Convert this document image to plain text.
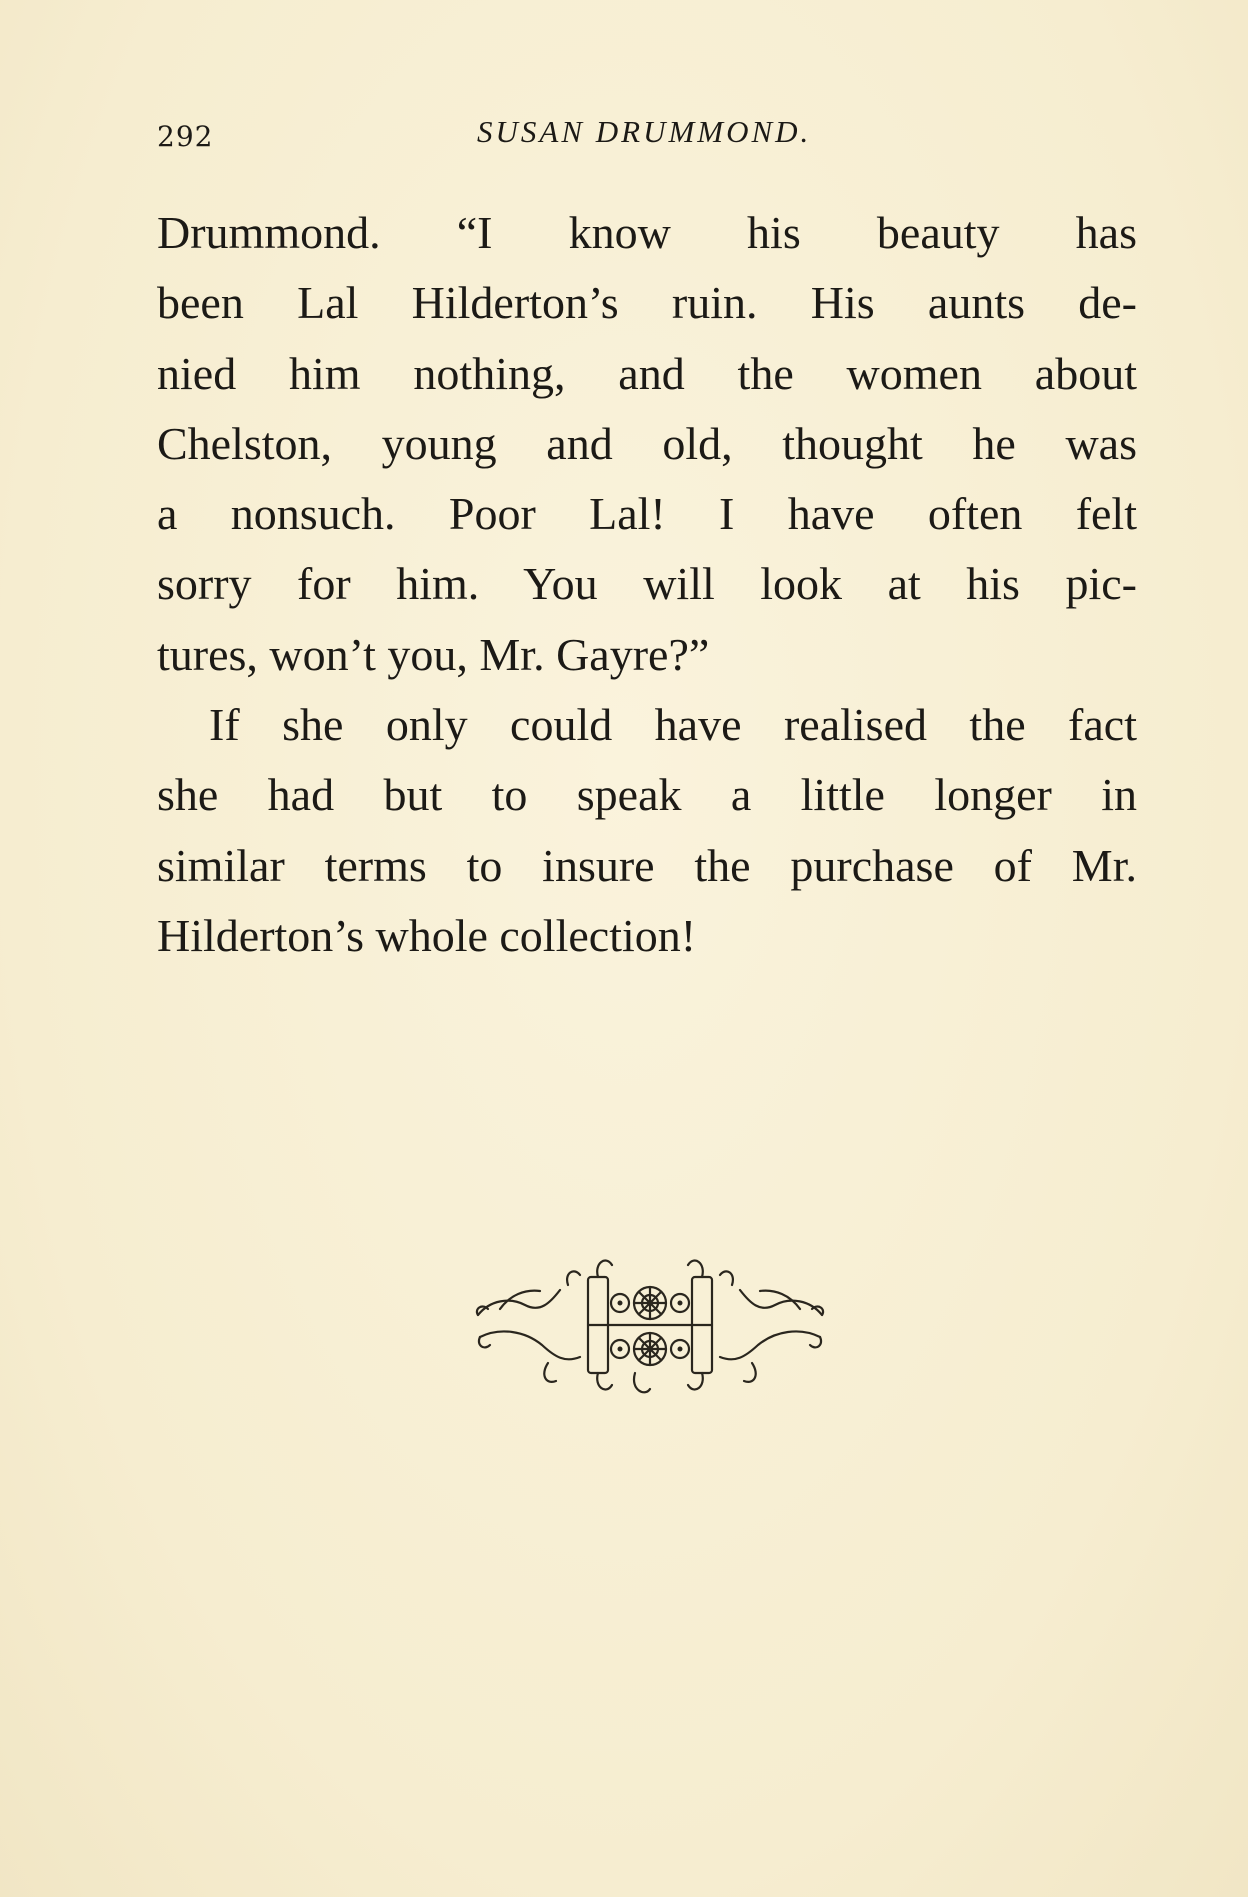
292	SUSAN DRUMMOND.
Drummond. “I know his beauty has
been Lal Hilderton’s ruin. His aunts de-
nied him nothing, and the women about
Chelston, young and old, thought he was
a nonsuch. Poor Lal! I have often felt
sorry for him. You will look at his pic-
tures, won’t you, Mr. Gayre?”
If she only could have realised the fact
she had but to speak a little longer in
similar terms to insure the purchase of Mr.
Hilderton’s whole collection!
